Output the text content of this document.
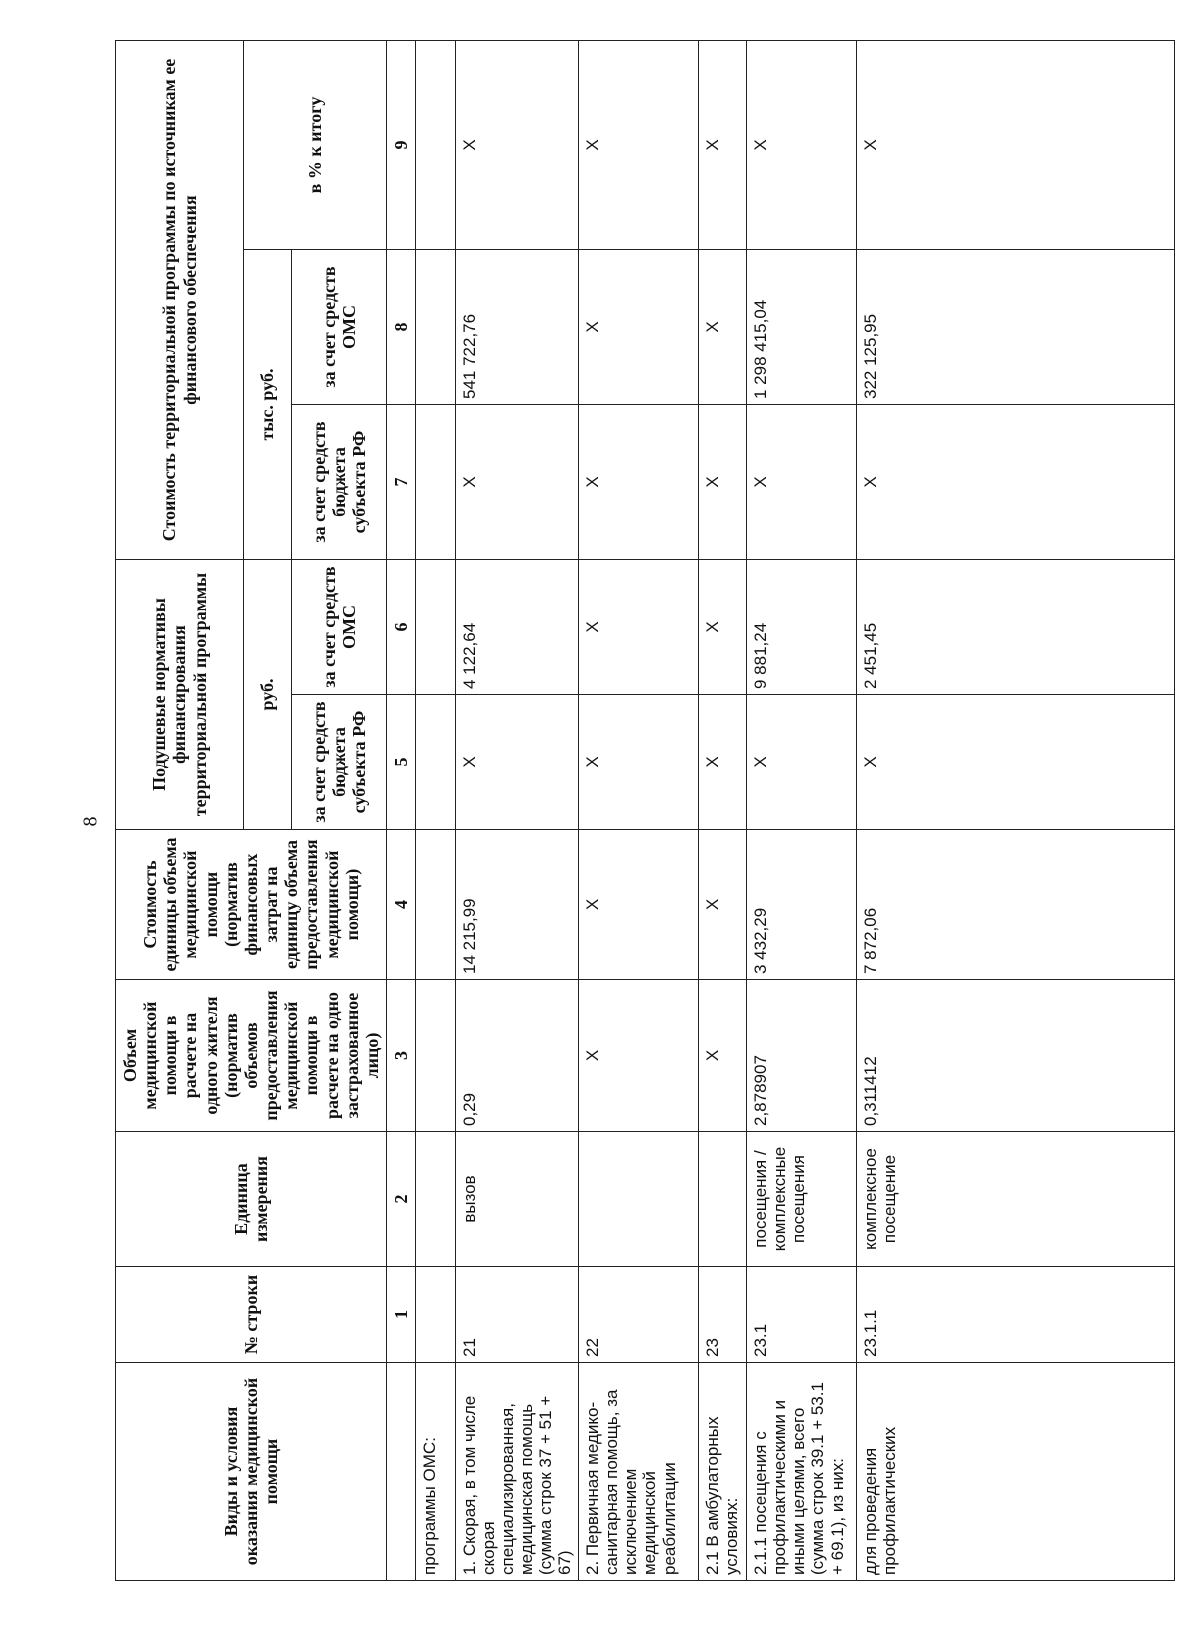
8
Виды и условия оказания медицинской помощи	№ строки	Единица измерения	Объем медицинской помощи в расчете на одного жителя (норматив объемов предоставления медицинской помощи в расчете на одно застрахованное лицо)	Стоимость единицы объема медицинской помощи (норматив финансовых затрат на единицу объема предоставления медицинской помощи)	Подушевые нормативы финансирования территориальной программы		Стоимость территориальной программы по источникам ее финансового обеспечения		
					руб.		тыс. руб.		в % к итогу
					за счет средств бюджета субъекта РФ	за счет средств ОМС	за счет средств бюджета субъекта РФ	за счет средств ОМС	
	1	2	3	4	5	6	7	8	9
программы ОМС:									
1. Скорая, в том числе скорая специализированная, медицинская помощь (сумма строк 37 + 51 + 67)	21	вызов	0,29	14 215,99	X	4 122,64	X	541 722,76	X
2. Первичная медико-санитарная помощь, за исключением медицинской реабилитации	22		X	X	X	X	X	X	X
2.1 В амбулаторных условиях:	23		X	X	X	X	X	X	X
2.1.1 посещения с профилактическими и иными целями, всего (сумма строк 39.1 + 53.1 + 69.1), из них:	23.1	посещения / комплексные посещения	2,878907	3 432,29	X	9 881,24	X	1 298 415,04	X
для проведения профилактических	23.1.1	комплексное посещение	0,311412	7 872,06	X	2 451,45	X	322 125,95	X
